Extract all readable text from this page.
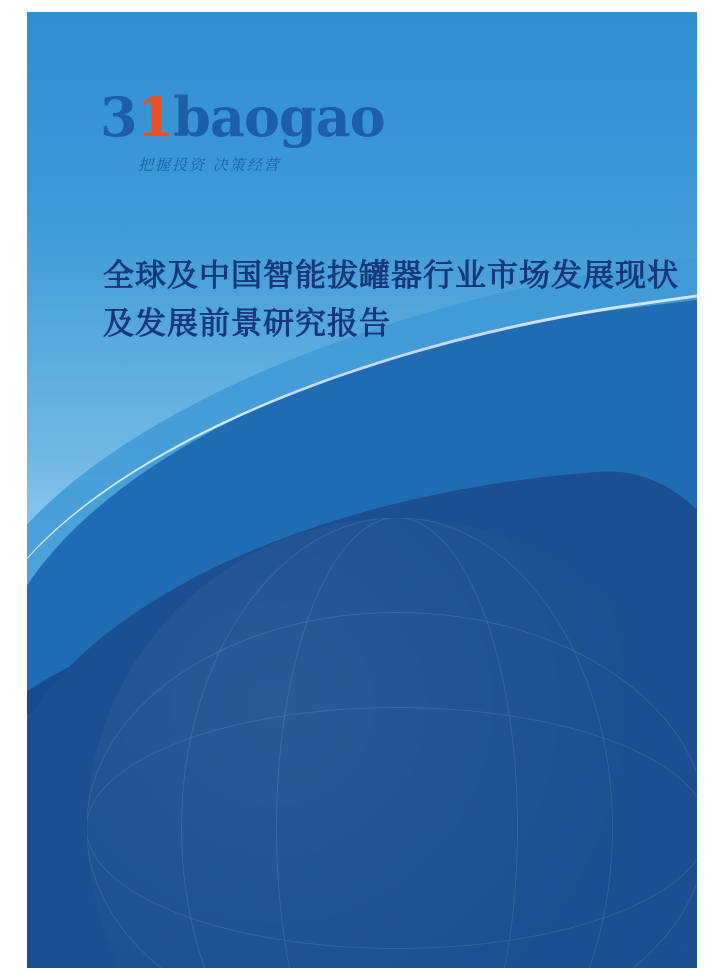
31baogao
把握投资 决策经营
全球及中国智能拔罐器行业市场发展现状及发展前景研究报告
